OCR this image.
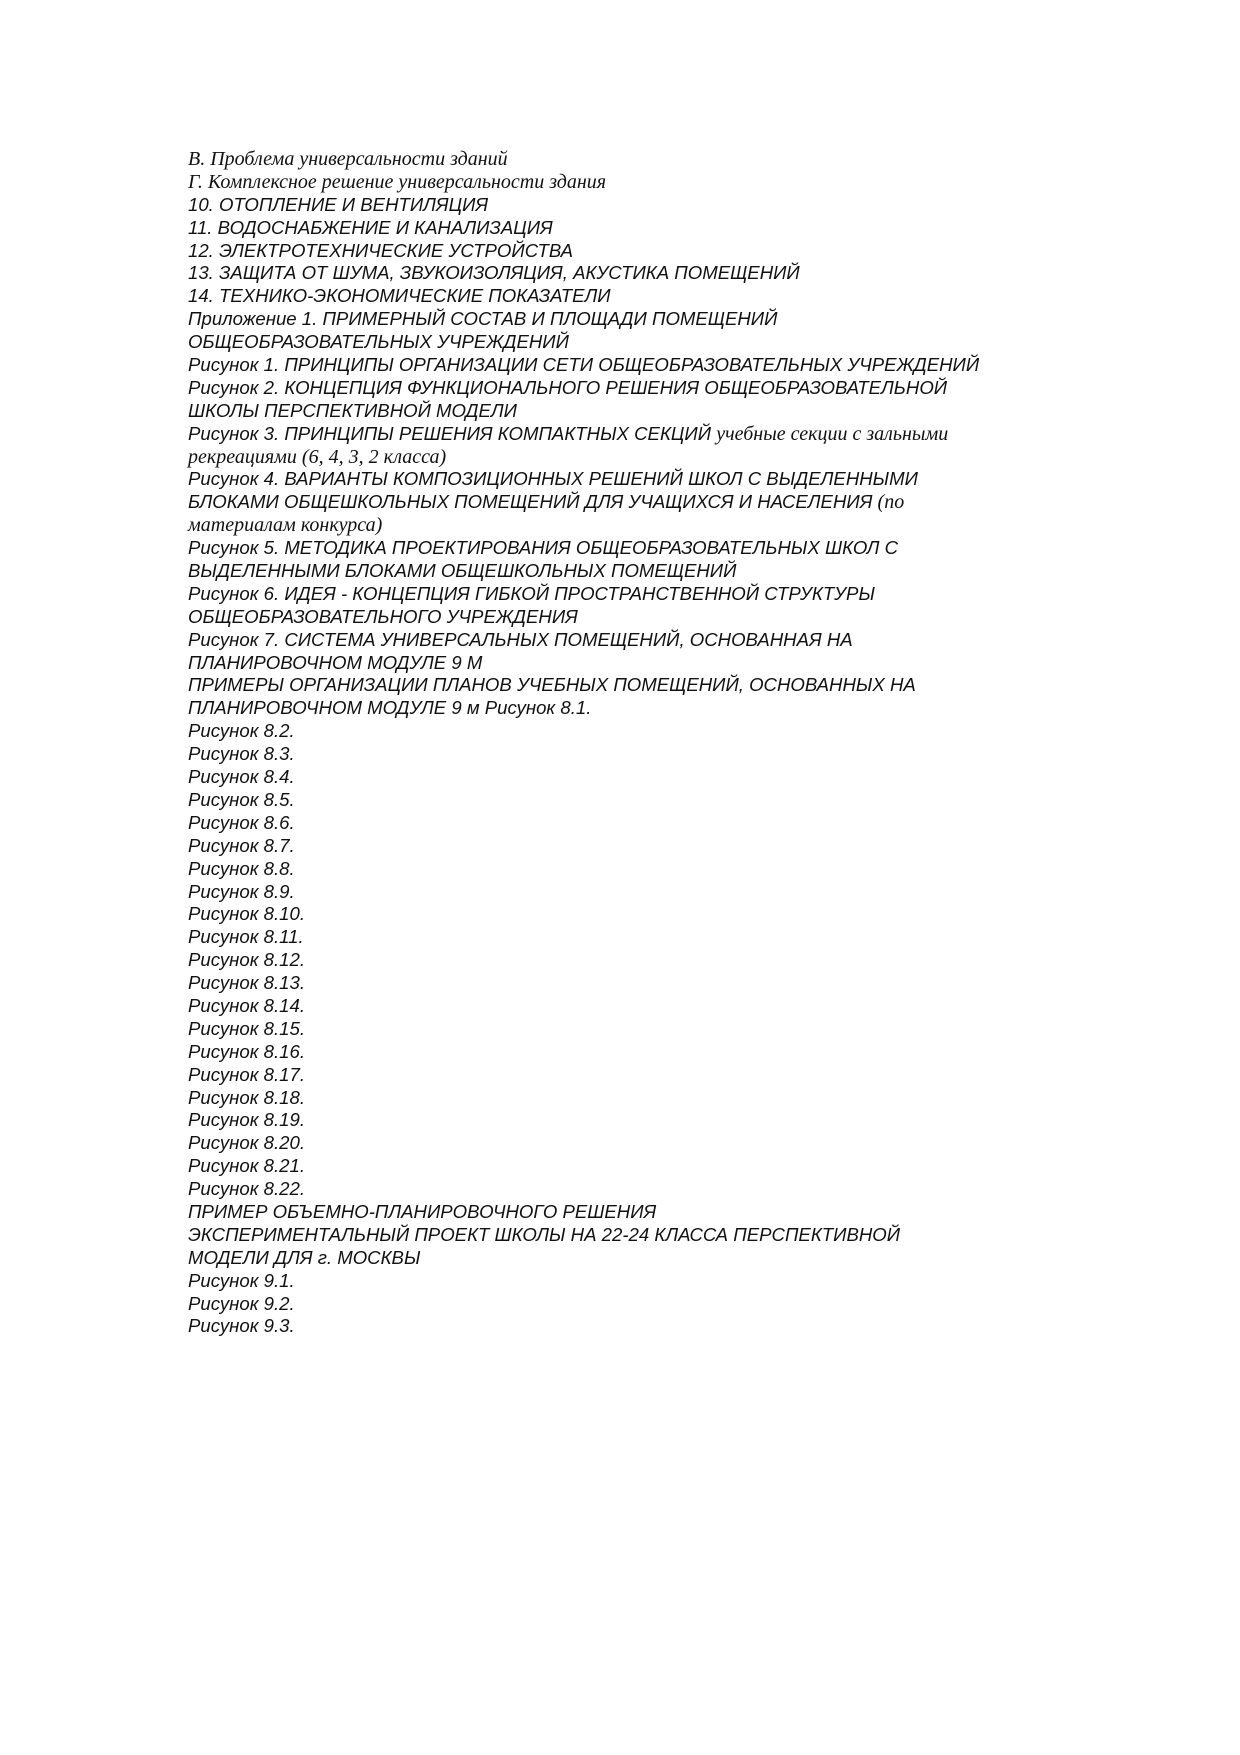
В. Проблема универсальности зданий
Г. Комплексное решение универсальности здания
10. ОТОПЛЕНИЕ И ВЕНТИЛЯЦИЯ
11. ВОДОСНАБЖЕНИЕ И КАНАЛИЗАЦИЯ
12. ЭЛЕКТРОТЕХНИЧЕСКИЕ УСТРОЙСТВА
13. ЗАЩИТА ОТ ШУМА, ЗВУКОИЗОЛЯЦИЯ, АКУСТИКА ПОМЕЩЕНИЙ
14. ТЕХНИКО-ЭКОНОМИЧЕСКИЕ ПОКАЗАТЕЛИ
Приложение 1. ПРИМЕРНЫЙ СОСТАВ И ПЛОЩАДИ ПОМЕЩЕНИЙ
ОБЩЕОБРАЗОВАТЕЛЬНЫХ УЧРЕЖДЕНИЙ
Рисунок 1. ПРИНЦИПЫ ОРГАНИЗАЦИИ СЕТИ ОБЩЕОБРАЗОВАТЕЛЬНЫХ УЧРЕЖДЕНИЙ
Рисунок 2. КОНЦЕПЦИЯ ФУНКЦИОНАЛЬНОГО РЕШЕНИЯ ОБЩЕОБРАЗОВАТЕЛЬНОЙ
ШКОЛЫ ПЕРСПЕКТИВНОЙ МОДЕЛИ
Рисунок 3. ПРИНЦИПЫ РЕШЕНИЯ КОМПАКТНЫХ СЕКЦИЙ учебные секции с зальными
рекреациями (6, 4, 3, 2 класса)
Рисунок 4. ВАРИАНТЫ КОМПОЗИЦИОННЫХ РЕШЕНИЙ ШКОЛ С ВЫДЕЛЕННЫМИ
БЛОКАМИ ОБЩЕШКОЛЬНЫХ ПОМЕЩЕНИЙ ДЛЯ УЧАЩИХСЯ И НАСЕЛЕНИЯ (по
материалам конкурса)
Рисунок 5. МЕТОДИКА ПРОЕКТИРОВАНИЯ ОБЩЕОБРАЗОВАТЕЛЬНЫХ ШКОЛ С
ВЫДЕЛЕННЫМИ БЛОКАМИ ОБЩЕШКОЛЬНЫХ ПОМЕЩЕНИЙ
Рисунок 6. ИДЕЯ - КОНЦЕПЦИЯ ГИБКОЙ ПРОСТРАНСТВЕННОЙ СТРУКТУРЫ
ОБЩЕОБРАЗОВАТЕЛЬНОГО УЧРЕЖДЕНИЯ
Рисунок 7. СИСТЕМА УНИВЕРСАЛЬНЫХ ПОМЕЩЕНИЙ, ОСНОВАННАЯ НА
ПЛАНИРОВОЧНОМ МОДУЛЕ 9 М
ПРИМЕРЫ ОРГАНИЗАЦИИ ПЛАНОВ УЧЕБНЫХ ПОМЕЩЕНИЙ, ОСНОВАННЫХ НА
ПЛАНИРОВОЧНОМ МОДУЛЕ 9 м Рисунок 8.1.
Рисунок 8.2.
Рисунок 8.3.
Рисунок 8.4.
Рисунок 8.5.
Рисунок 8.6.
Рисунок 8.7.
Рисунок 8.8.
Рисунок 8.9.
Рисунок 8.10.
Рисунок 8.11.
Рисунок 8.12.
Рисунок 8.13.
Рисунок 8.14.
Рисунок 8.15.
Рисунок 8.16.
Рисунок 8.17.
Рисунок 8.18.
Рисунок 8.19.
Рисунок 8.20.
Рисунок 8.21.
Рисунок 8.22.
ПРИМЕР ОБЪЕМНО-ПЛАНИРОВОЧНОГО РЕШЕНИЯ
ЭКСПЕРИМЕНТАЛЬНЫЙ ПРОЕКТ ШКОЛЫ НА 22-24 КЛАССА ПЕРСПЕКТИВНОЙ
МОДЕЛИ ДЛЯ г. МОСКВЫ
Рисунок 9.1.
Рисунок 9.2.
Рисунок 9.3.
